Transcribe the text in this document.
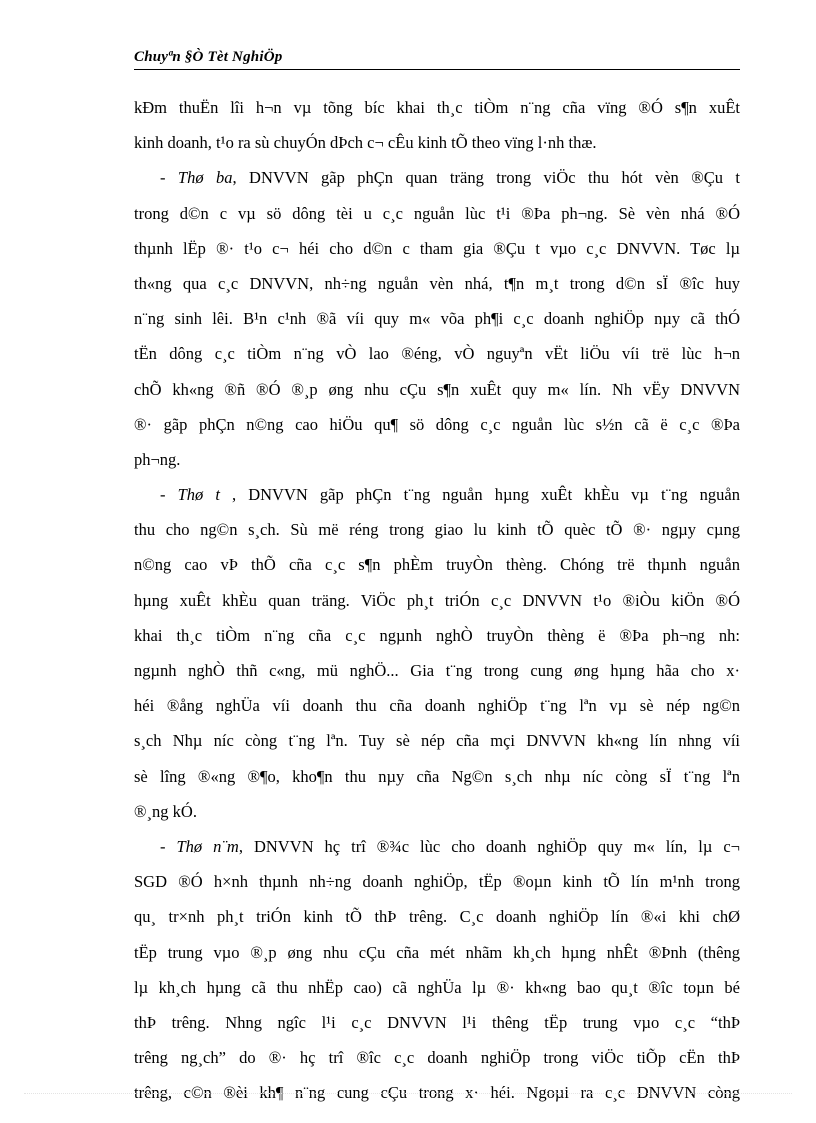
Chuyªn §Ò Tèt NghiÖp
kÐm thuËn lîi h¬n vµ tõng bíc khai th¸c tiÒm n¨ng cña vïng ®Ó s¶n xuÊt
kinh doanh, t¹o ra sù chuyÓn dÞch c¬ cÊu kinh tÕ theo vïng l·nh thæ.
- Thø ba, DNVVN gãp phÇn quan träng trong viÖc thu hót vèn ®Çu t
trong d©n c vµ sö dông tèi u c¸c nguån lùc t¹i ®Þa ph¬ng. Sè vèn nhá ®Ó
thµnh lËp ®· t¹o c¬ héi cho d©n c tham gia ®Çu t vµo c¸c DNVVN. Tøc lµ
th«ng qua c¸c DNVVN, nh÷ng nguån vèn nhá, t¶n m¸t trong d©n sÏ ®îc huy
n¨ng sinh lêi. B¹n c¹nh ®ã víi quy m« võa ph¶i c¸c doanh nghiÖp nµy cã thÓ
tËn dông c¸c tiÒm n¨ng vÒ lao ®éng, vÒ nguyªn vËt liÖu víi trë lùc h¬n
chÕ kh«ng ®ñ ®Ó ®¸p øng nhu cÇu s¶n xuÊt quy m« lín. Nh vËy DNVVN
®· gãp phÇn n©ng cao hiÖu qu¶ sö dông c¸c nguån lùc s½n cã ë c¸c ®Þa
ph¬ng.
- Thø t , DNVVN gãp phÇn t¨ng nguån hµng xuÊt khÈu vµ t¨ng nguån
thu cho ng©n s¸ch. Sù më réng trong giao lu kinh tÕ quèc tÕ ®· ngµy cµng
n©ng cao vÞ thÕ cña c¸c s¶n phÈm truyÒn thèng. Chóng trë thµnh nguån
hµng xuÊt khÈu quan träng. ViÖc ph¸t triÓn c¸c DNVVN t¹o ®iÒu kiÖn ®Ó
khai th¸c tiÒm n¨ng cña c¸c ngµnh nghÒ truyÒn thèng ë ®Þa ph¬ng nh:
ngµnh nghÒ thñ c«ng, mü nghÖ... Gia t¨ng trong cung øng hµng hãa cho x·
héi ®ång nghÜa víi doanh thu cña doanh nghiÖp t¨ng lªn vµ sè nép ng©n
s¸ch Nhµ níc còng t¨ng lªn. Tuy sè nép cña mçi DNVVN kh«ng lín nhng víi
sè lîng ®«ng ®¶o, kho¶n thu nµy cña Ng©n s¸ch nhµ níc còng sÏ t¨ng lªn
®¸ng kÓ.
- Thø n¨m, DNVVN hç trî ®¾c lùc cho doanh nghiÖp quy m« lín, lµ c¬
SGD ®Ó h×nh thµnh nh÷ng doanh nghiÖp, tËp ®oµn kinh tÕ lín m¹nh trong
qu¸ tr×nh ph¸t triÓn kinh tÕ thÞ trêng. C¸c doanh nghiÖp lín ®«i khi chØ
tËp trung vµo ®¸p øng nhu cÇu cña mét nhãm kh¸ch hµng nhÊt ®Þnh (thêng
lµ kh¸ch hµng cã thu nhËp cao) cã nghÜa lµ ®· kh«ng bao qu¸t ®îc toµn bé
thÞ trêng. Nhng ngîc l¹i c¸c DNVVN l¹i thêng tËp trung vµo c¸c “thÞ
trêng ng¸ch” do ®· hç trî ®îc c¸c doanh nghiÖp trong viÖc tiÕp cËn thÞ
trêng, c©n ®èi kh¶ n¨ng cung cÇu trong x· héi. Ngoµi ra c¸c DNVVN còng
